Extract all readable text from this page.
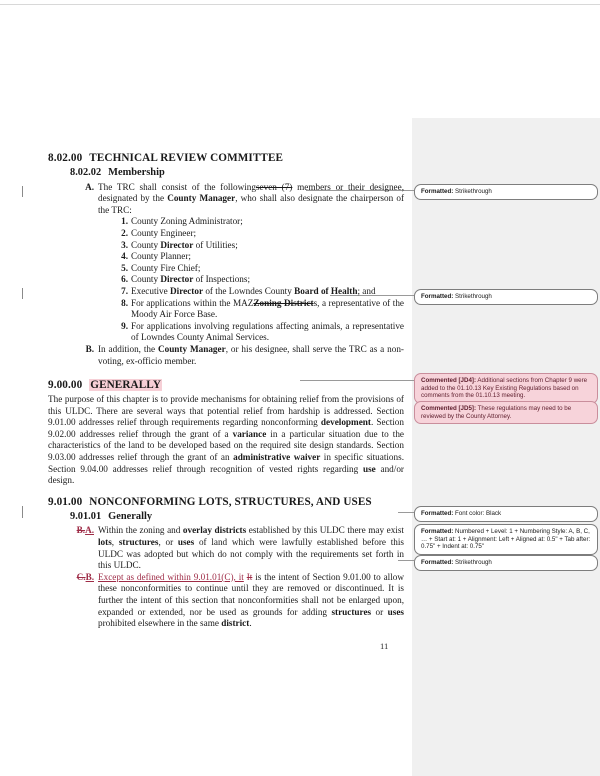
8.02.00 TECHNICAL REVIEW COMMITTEE
8.02.02 Membership
A. The TRC shall consist of the followingseven (7) members or their designee, designated by the County Manager, who shall also designate the chairperson of the TRC:
1. County Zoning Administrator;
2. County Engineer;
3. County Director of Utilities;
4. County Planner;
5. County Fire Chief;
6. County Director of Inspections;
7. Executive Director of the Lowndes County Board of Health; and
8. For applications within the MAZZoning Districts, a representative of the Moody Air Force Base.
9. For applications involving regulations affecting animals, a representative of Lowndes County Animal Services.
B. In addition, the County Manager, or his designee, shall serve the TRC as a non-voting, ex-officio member.
9.00.00 GENERALLY

The purpose of this chapter is to provide mechanisms for obtaining relief from the provisions of this ULDC. There are several ways that potential relief from hardship is addressed. Section 9.01.00 addresses relief through requirements regarding nonconforming development. Section 9.02.00 addresses relief through the grant of a variance in a particular situation due to the characteristics of the land to be developed based on the required site design standards. Section 9.03.00 addresses relief through the grant of an administrative waiver in specific situations. Section 9.04.00 addresses relief through recognition of vested rights regarding use and/or design.

9.01.00 NONCONFORMING LOTS, STRUCTURES, AND USES
9.01.01 Generally
B.A. Within the zoning and overlay districts established by this ULDC there may exist lots, structures, or uses of land which were lawfully established before this ULDC was adopted but which do not comply with the requirements set forth in this ULDC.
C.B. Except as defined within 9.01.01(C), it It is the intent of Section 9.01.00 to allow these nonconformities to continue until they are removed or discontinued. It is further the intent of this section that nonconformities shall not be enlarged upon, expanded or extended, nor be used as grounds for adding structures or uses prohibited elsewhere in the same district.
Formatted: Strikethrough
Formatted: Strikethrough
Commented [JD4]: Additional sections from Chapter 9 were added to the 01.10.13 Key Existing Regulations based on comments from the 01.10.13 meeting.
Commented [JD5]: These regulations may need to be reviewed by the County Attorney.
Formatted: Font color: Black
Formatted: Numbered + Level: 1 + Numbering Style: A, B, C, … + Start at: 1 + Alignment: Left + Aligned at: 0.5" + Tab after: 0.75" + Indent at: 0.75"
Formatted: Strikethrough
11
